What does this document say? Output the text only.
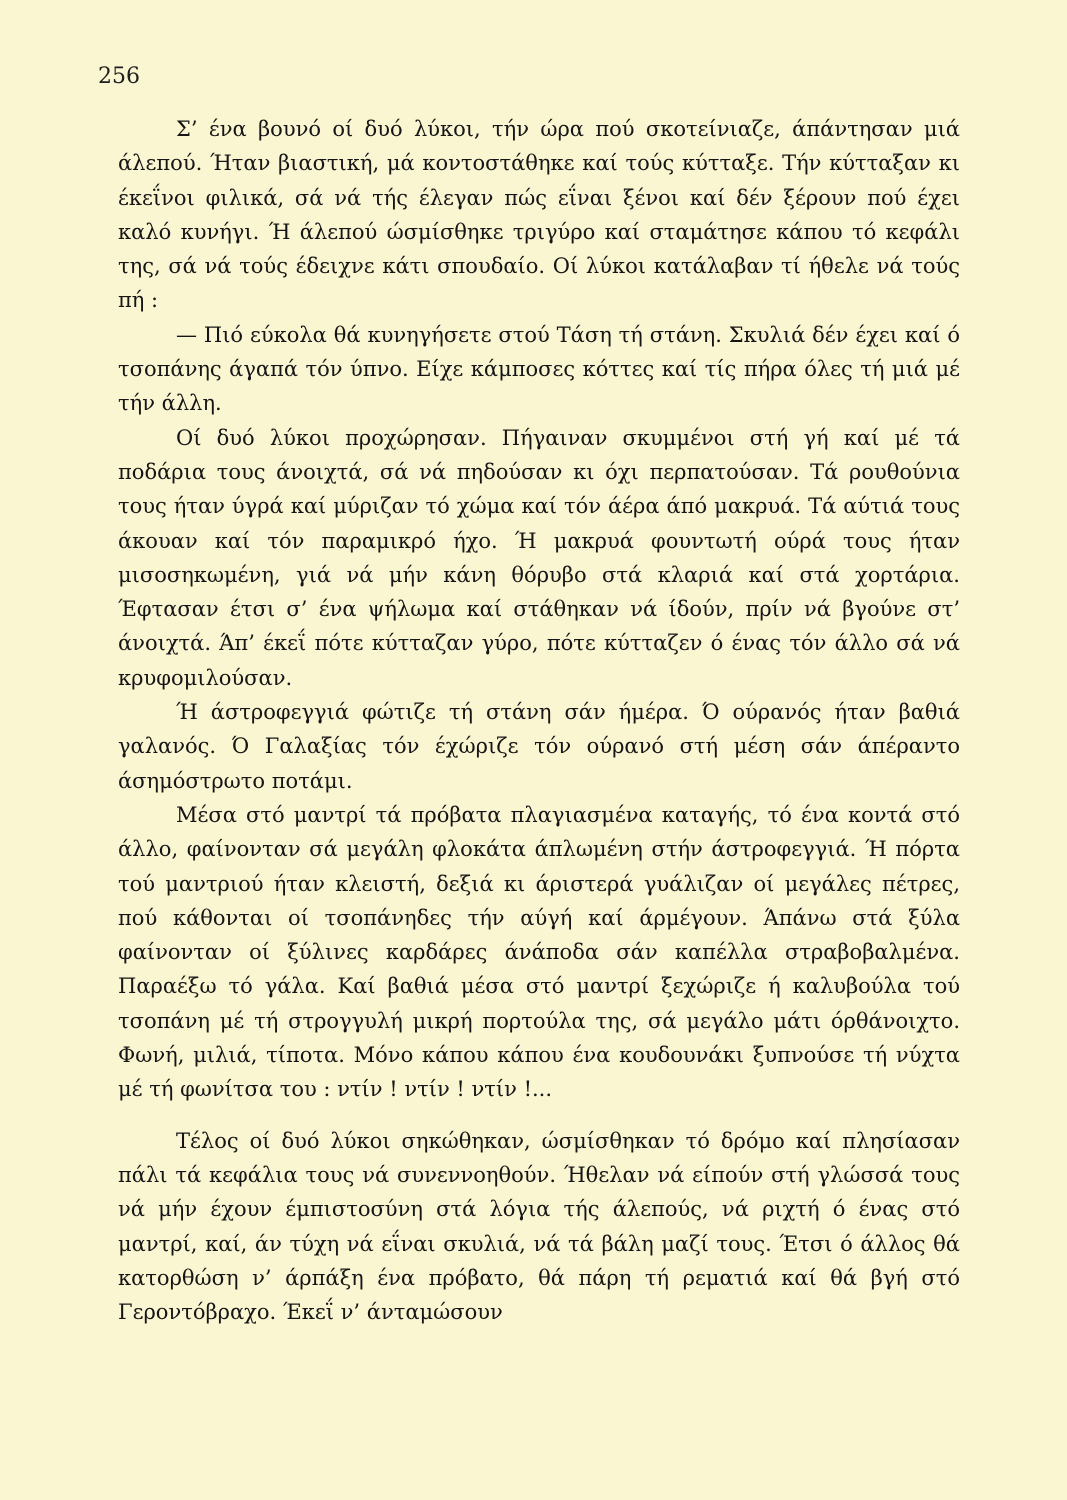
256

Σ’ ένα βουνό οί δυό λύκοι, τήν ώρα πού σκοτείνιαζε, άπάντησαν μιά άλεπού. Ήταν βιαστική, μά κοντοστάθηκε καί τούς κύτταξε. Τήν κύτταξαν κι έκεΐνοι φιλικά, σά νά τής έλεγαν πώς εΐναι ξένοι καί δέν ξέρουν πού έχει καλό κυνήγι. Ή άλεπού ώσμίσθηκε τριγύρο καί σταμάτησε κάπου τό κεφάλι της, σά νά τούς έδειχνε κάτι σπουδαίο. Οί λύκοι κατάλαβαν τί ήθελε νά τούς πή :

— Πιό εύκολα θά κυνηγήσετε στού Τάση τή στάνη. Σκυλιά δέν έχει καί ό τσοπάνης άγαπά τόν ύπνο. Είχε κάμποσες κόττες καί τίς πήρα όλες τή μιά μέ τήν άλλη.

Οί δυό λύκοι προχώρησαν. Πήγαιναν σκυμμένοι στή γή καί μέ τά ποδάρια τους άνοιχτά, σά νά πηδούσαν κι όχι περπατούσαν. Τά ρουθούνια τους ήταν ύγρά καί μύριζαν τό χώμα καί τόν άέρα άπό μακρυά. Τά αύτιά τους άκουαν καί τόν παραμικρό ήχο. Ή μακρυά φουντωτή ούρά τους ήταν μισοσηκωμένη, γιά νά μήν κάνη θόρυβο στά κλαριά καί στά χορτάρια. Έφτασαν έτσι σ’ ένα ψήλωμα καί στάθηκαν νά ίδούν, πρίν νά βγούνε στ’ άνοιχτά. Άπ’ έκεΐ πότε κύτταζαν γύρο, πότε κύτταζεν ό ένας τόν άλλο σά νά κρυφομιλούσαν.

Ή άστροφεγγιά φώτιζε τή στάνη σάν ήμέρα. Ό ούρανός ήταν βαθιά γαλανός. Ό Γαλαξίας τόν έχώριζε τόν ούρανό στή μέση σάν άπέραντο άσημόστρωτο ποτάμι.

Μέσα στό μαντρί τά πρόβατα πλαγιασμένα καταγής, τό ένα κοντά στό άλλο, φαίνονταν σά μεγάλη φλοκάτα άπλωμένη στήν άστροφεγγιά. Ή πόρτα τού μαντριού ήταν κλειστή, δεξιά κι άριστερά γυάλιζαν οί μεγάλες πέτρες, πού κάθονται οί τσοπάνηδες τήν αύγή καί άρμέγουν. Άπάνω στά ξύλα φαίνονταν οί ξύλινες καρδάρες άνάποδα σάν καπέλλα στραβοβαλμένα. Παραέξω τό γάλα. Καί βαθιά μέσα στό μαντρί ξεχώριζε ή καλυβούλα τού τσοπάνη μέ τή στρογγυλή μικρή πορτούλα της, σά μεγάλο μάτι όρθάνοιχτο. Φωνή, μιλιά, τίποτα. Μόνο κάπου κάπου ένα κουδουνάκι ξυπνούσε τή νύχτα μέ τή φωνίτσα του : ντίν ! ντίν ! ντίν !...

Τέλος οί δυό λύκοι σηκώθηκαν, ώσμίσθηκαν τό δρόμο καί πλησίασαν πάλι τά κεφάλια τους νά συνεννοηθούν. Ήθελαν νά είπούν στή γλώσσά τους νά μήν έχουν έμπιστοσύνη στά λόγια τής άλεπούς, νά ριχτή ό ένας στό μαντρί, καί, άν τύχη νά εΐναι σκυλιά, νά τά βάλη μαζί τους. Έτσι ό άλλος θά κατορθώση ν’ άρπάξη ένα πρόβατο, θά πάρη τή ρεματιά καί θά βγή στό Γεροντόβραχο. Έκεΐ ν’ άνταμώσουν
